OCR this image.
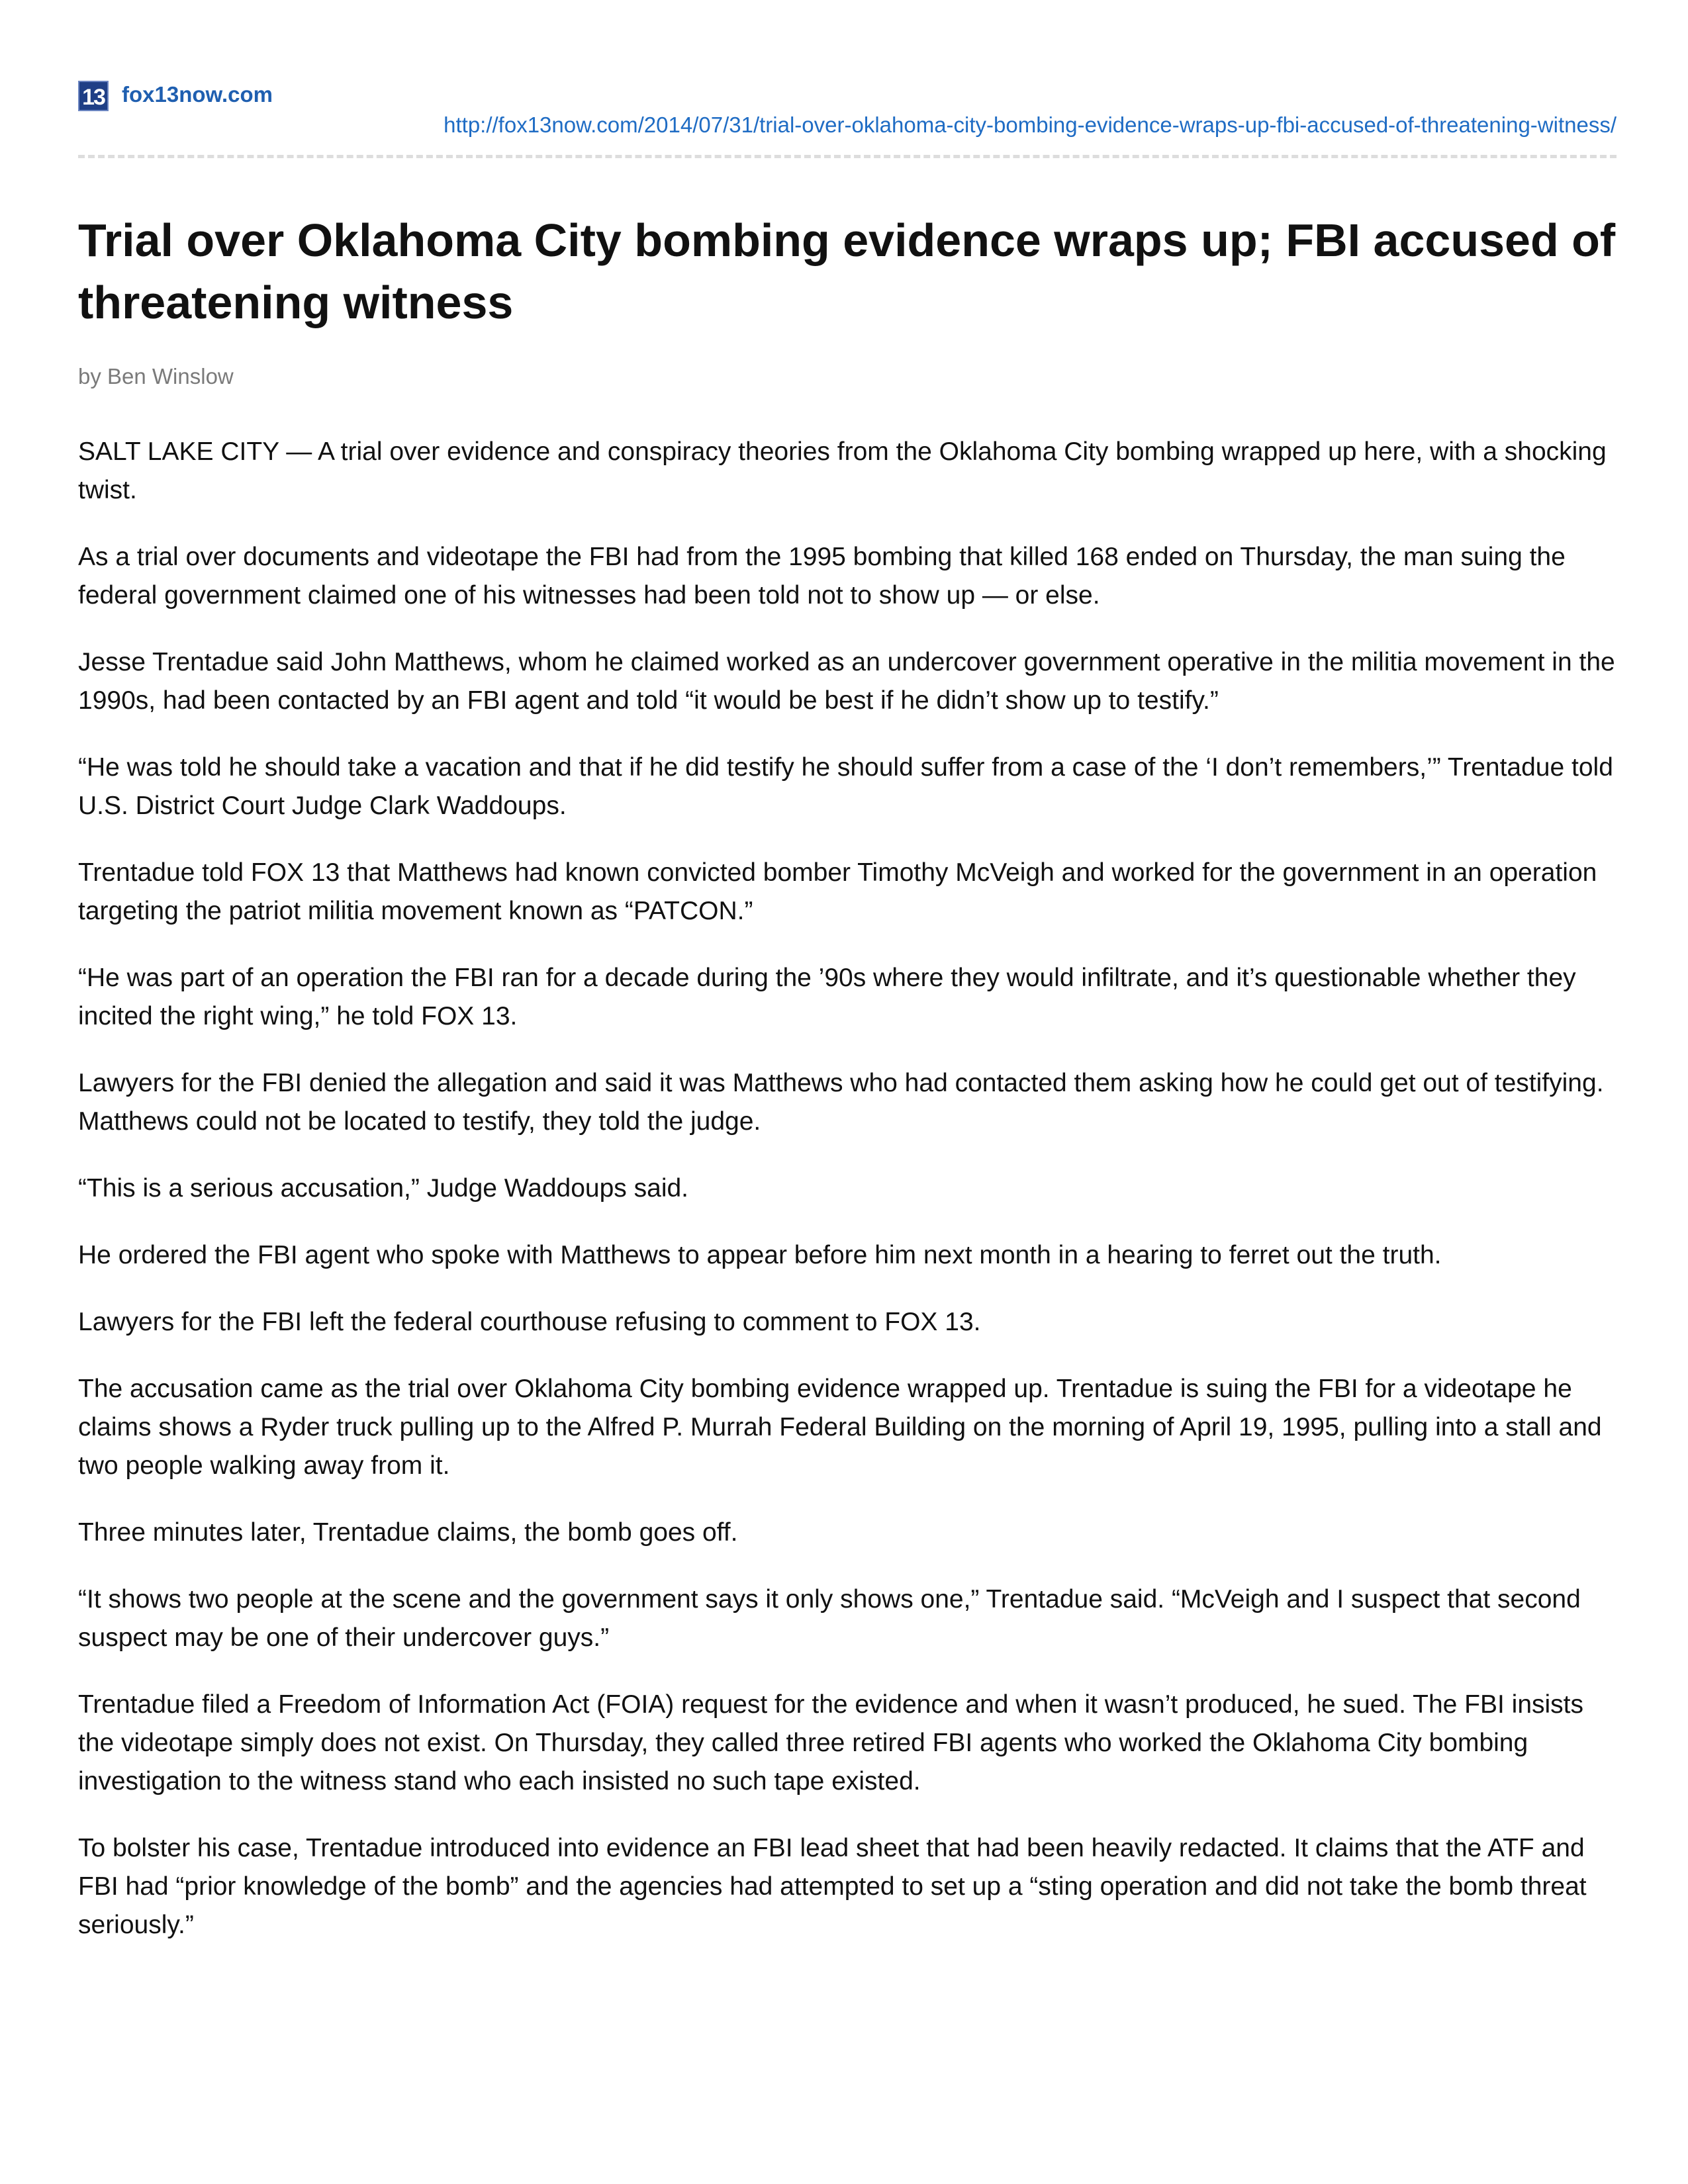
13 fox13now.com
http://fox13now.com/2014/07/31/trial-over-oklahoma-city-bombing-evidence-wraps-up-fbi-accused-of-threatening-witness/
Trial over Oklahoma City bombing evidence wraps up; FBI accused of threatening witness
by Ben Winslow

SALT LAKE CITY — A trial over evidence and conspiracy theories from the Oklahoma City bombing wrapped up here, with a shocking twist.

As a trial over documents and videotape the FBI had from the 1995 bombing that killed 168 ended on Thursday, the man suing the federal government claimed one of his witnesses had been told not to show up — or else.

Jesse Trentadue said John Matthews, whom he claimed worked as an undercover government operative in the militia movement in the 1990s, had been contacted by an FBI agent and told “it would be best if he didn’t show up to testify.”

“He was told he should take a vacation and that if he did testify he should suffer from a case of the ‘I don’t remembers,’” Trentadue told U.S. District Court Judge Clark Waddoups.

Trentadue told FOX 13 that Matthews had known convicted bomber Timothy McVeigh and worked for the government in an operation targeting the patriot militia movement known as “PATCON.”

“He was part of an operation the FBI ran for a decade during the ’90s where they would infiltrate, and it’s questionable whether they incited the right wing,” he told FOX 13.

Lawyers for the FBI denied the allegation and said it was Matthews who had contacted them asking how he could get out of testifying. Matthews could not be located to testify, they told the judge.

“This is a serious accusation,” Judge Waddoups said.

He ordered the FBI agent who spoke with Matthews to appear before him next month in a hearing to ferret out the truth.

Lawyers for the FBI left the federal courthouse refusing to comment to FOX 13.

The accusation came as the trial over Oklahoma City bombing evidence wrapped up. Trentadue is suing the FBI for a videotape he claims shows a Ryder truck pulling up to the Alfred P. Murrah Federal Building on the morning of April 19, 1995, pulling into a stall and two people walking away from it.

Three minutes later, Trentadue claims, the bomb goes off.

“It shows two people at the scene and the government says it only shows one,” Trentadue said. “McVeigh and I suspect that second suspect may be one of their undercover guys.”

Trentadue filed a Freedom of Information Act (FOIA) request for the evidence and when it wasn’t produced, he sued. The FBI insists the videotape simply does not exist. On Thursday, they called three retired FBI agents who worked the Oklahoma City bombing investigation to the witness stand who each insisted no such tape existed.

To bolster his case, Trentadue introduced into evidence an FBI lead sheet that had been heavily redacted. It claims that the ATF and FBI had “prior knowledge of the bomb” and the agencies had attempted to set up a “sting operation and did not take the bomb threat seriously.”
